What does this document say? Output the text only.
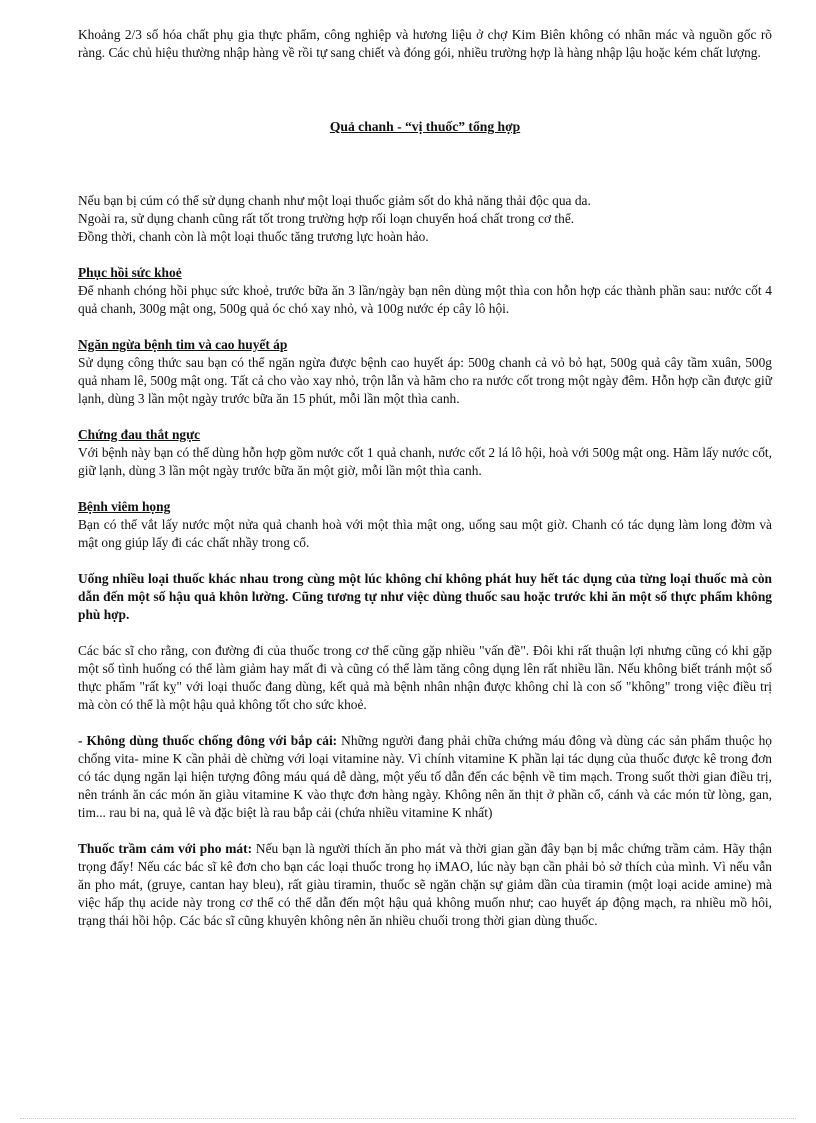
Khoảng 2/3 số hóa chất phụ gia thực phẩm, công nghiệp và hương liệu ở chợ Kim Biên không có nhãn mác và nguồn gốc rõ ràng. Các chủ hiệu thường nhập hàng về rồi tự sang chiết và đóng gói, nhiều trường hợp là hàng nhập lậu hoặc kém chất lượng.

Quả chanh - “vị thuốc” tổng hợp

Nếu bạn bị cúm có thể sử dụng chanh như một loại thuốc giảm sốt do khả năng thải độc qua da.
Ngoài ra, sử dụng chanh cũng rất tốt trong trường hợp rối loạn chuyển hoá chất trong cơ thể.
Đồng thời, chanh còn là một loại thuốc tăng trương lực hoàn hảo.

Phục hồi sức khoẻ

Để nhanh chóng hồi phục sức khoẻ, trước bữa ăn 3 lần/ngày bạn nên dùng một thìa con hỗn hợp các thành phần sau: nước cốt 4 quả chanh, 300g mật ong, 500g quả óc chó xay nhỏ, và 100g nước ép cây lô hội.

Ngăn ngừa bệnh tim và cao huyết áp

Sử dụng công thức sau bạn có thể ngăn ngừa được bệnh cao huyết áp: 500g chanh cả vỏ bỏ hạt, 500g quả cây tầm xuân, 500g quả nham lê, 500g mật ong. Tất cả cho vào xay nhỏ, trộn lẫn và hãm cho ra nước cốt trong một ngày đêm. Hỗn hợp cần được giữ lạnh, dùng 3 lần một ngày trước bữa ăn 15 phút, mỗi lần một thìa canh.

Chứng đau thắt ngực

Với bệnh này bạn có thể dùng hỗn hợp gồm nước cốt 1 quả chanh, nước cốt 2 lá lô hội, hoà với 500g mật ong. Hãm lấy nước cốt, giữ lạnh, dùng 3 lần một ngày trước bữa ăn một giờ, mỗi lần một thìa canh.

Bệnh viêm họng

Bạn có thể vắt lấy nước một nửa quả chanh hoà với một thìa mật ong, uống sau một giờ. Chanh có tác dụng làm long đờm và mật ong giúp lấy đi các chất nhầy trong cổ.

Uống nhiều loại thuốc khác nhau trong cùng một lúc không chỉ không phát huy hết tác dụng của từng loại thuốc mà còn dẫn đến một số hậu quả khôn lường. Cũng tương tự như việc dùng thuốc sau hoặc trước khi ăn một số thực phẩm không phù hợp.

Các bác sĩ cho rằng, con đường đi của thuốc trong cơ thể cũng gặp nhiều "vấn đề". Đôi khi rất thuận lợi nhưng cũng có khi gặp một số tình huống có thể làm giảm hay mất đi và cũng có thể làm tăng công dụng lên rất nhiều lần. Nếu không biết tránh một số thực phẩm "rất kỵ" với loại thuốc đang dùng, kết quả mà bệnh nhân nhận được không chỉ là con số "không" trong việc điều trị mà còn có thể là một hậu quả không tốt cho sức khoẻ.

- Không dùng thuốc chống đông với bắp cải: Những người đang phải chữa chứng máu đông và dùng các sản phẩm thuộc họ chống vita- mine K cần phải dè chừng với loại vitamine này. Vì chính vitamine K phần lại tác dụng của thuốc được kê trong đơn có tác dụng ngăn lại hiện tượng đông máu quá dễ dàng, một yếu tố dẫn đến các bệnh về tim mạch. Trong suốt thời gian điều trị, nên tránh ăn các món ăn giàu vitamine K vào thực đơn hàng ngày. Không nên ăn thịt ở phần cổ, cánh và các món từ lòng, gan, tim... rau bi na, quả lê và đặc biệt là rau bắp cải (chứa nhiều vitamine K nhất)

Thuốc trầm cảm với pho mát: Nếu bạn là người thích ăn pho mát và thời gian gần đây bạn bị mắc chứng trầm cảm. Hãy thận trọng đấy! Nếu các bác sĩ kê đơn cho bạn các loại thuốc trong họ iMAO, lúc này bạn cần phải bỏ sở thích của mình. Vì nếu vẫn ăn pho mát, (gruye, cantan hay bleu), rất giàu tiramin, thuốc sẽ ngăn chặn sự giảm dần của tiramin (một loại acide amine) mà việc hấp thụ acide này trong cơ thể có thể dẫn đến một hậu quả không muốn như; cao huyết áp động mạch, ra nhiều mồ hôi, trạng thái hồi hộp. Các bác sĩ cũng khuyên không nên ăn nhiều chuối trong thời gian dùng thuốc.
